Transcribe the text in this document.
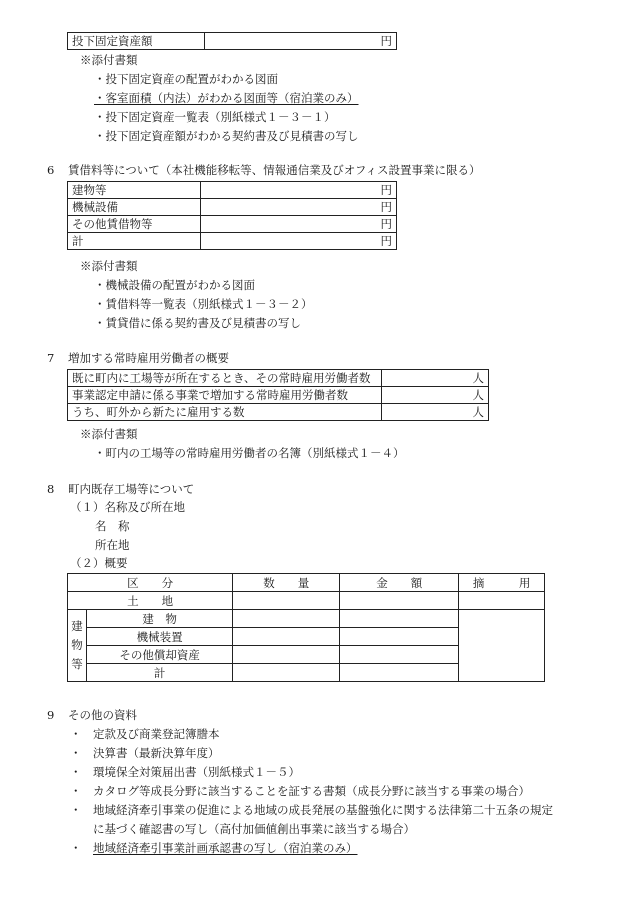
投下固定資産額	円
※添付書類
・投下固定資産の配置がわかる図面
・客室面積（内法）がわかる図面等（宿泊業のみ）
・投下固定資産一覧表（別紙様式１－３－１）
・投下固定資産額がわかる契約書及び見積書の写し
6 賃借料等について（本社機能移転等、情報通信業及びオフィス設置事業に限る）
建物等	円
機械設備	円
その他賃借物等	円
計	円
※添付書類
・機械設備の配置がわかる図面
・賃借料等一覧表（別紙様式１－３－２）
・賃貸借に係る契約書及び見積書の写し
7 増加する常時雇用労働者の概要
既に町内に工場等が所在するとき、その常時雇用労働者数	人
事業認定申請に係る事業で増加する常時雇用労働者数	人
うち、町外から新たに雇用する数	人
※添付書類
・町内の工場等の常時雇用労働者の名簿（別紙様式１－４）
8 町内既存工場等について
（１）名称及び所在地
名　称
所在地
（２）概要
区　　分		数　　量	金　　額	摘　　　用
土　　地				
建物等	建　物			
	機械装置			
	その他償却資産			
	計			
9 その他の資料
・ 定款及び商業登記簿謄本
・ 決算書（最新決算年度）
・ 環境保全対策届出書（別紙様式１－５）
・ カタログ等成長分野に該当することを証する書類（成長分野に該当する事業の場合）
・ 地域経済牽引事業の促進による地域の成長発展の基盤強化に関する法律第二十五条の規定
に基づく確認書の写し（高付加価値創出事業に該当する場合）
・ 地域経済牽引事業計画承認書の写し（宿泊業のみ）
